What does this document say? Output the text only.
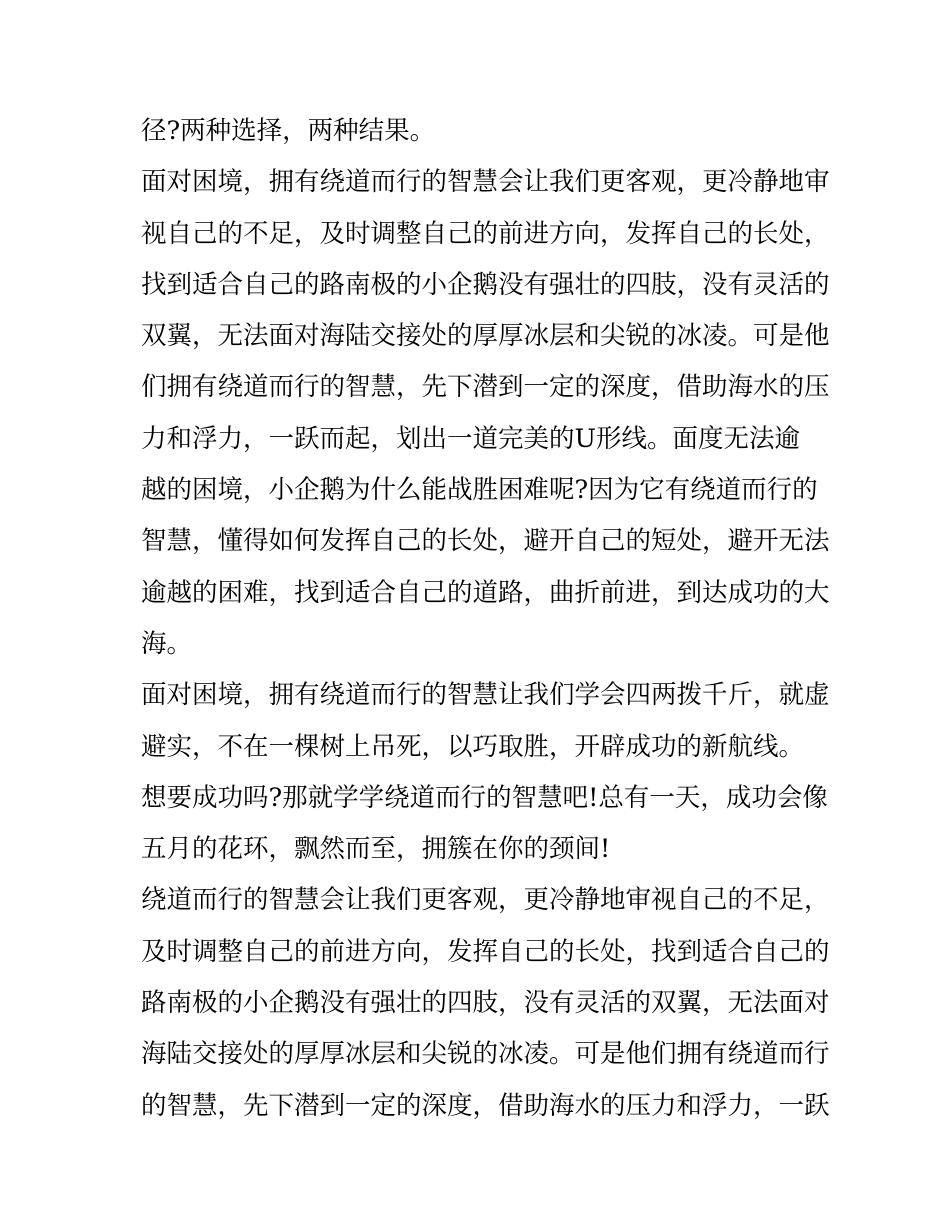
径?两种选择，两种结果。
面对困境，拥有绕道而行的智慧会让我们更客观，更冷静地审
视自己的不足，及时调整自己的前进方向，发挥自己的长处，
找到适合自己的路南极的小企鹅没有强壮的四肢，没有灵活的
双翼，无法面对海陆交接处的厚厚冰层和尖锐的冰凌。可是他
们拥有绕道而行的智慧，先下潜到一定的深度，借助海水的压
力和浮力，一跃而起，划出一道完美的U形线。面度无法逾
越的困境，小企鹅为什么能战胜困难呢?因为它有绕道而行的
智慧，懂得如何发挥自己的长处，避开自己的短处，避开无法
逾越的困难，找到适合自己的道路，曲折前进，到达成功的大
海。
面对困境，拥有绕道而行的智慧让我们学会四两拨千斤，就虚
避实，不在一棵树上吊死，以巧取胜，开辟成功的新航线。
想要成功吗?那就学学绕道而行的智慧吧!总有一天，成功会像
五月的花环，飘然而至，拥簇在你的颈间!
绕道而行的智慧会让我们更客观，更冷静地审视自己的不足，
及时调整自己的前进方向，发挥自己的长处，找到适合自己的
路南极的小企鹅没有强壮的四肢，没有灵活的双翼，无法面对
海陆交接处的厚厚冰层和尖锐的冰凌。可是他们拥有绕道而行
的智慧，先下潜到一定的深度，借助海水的压力和浮力，一跃
